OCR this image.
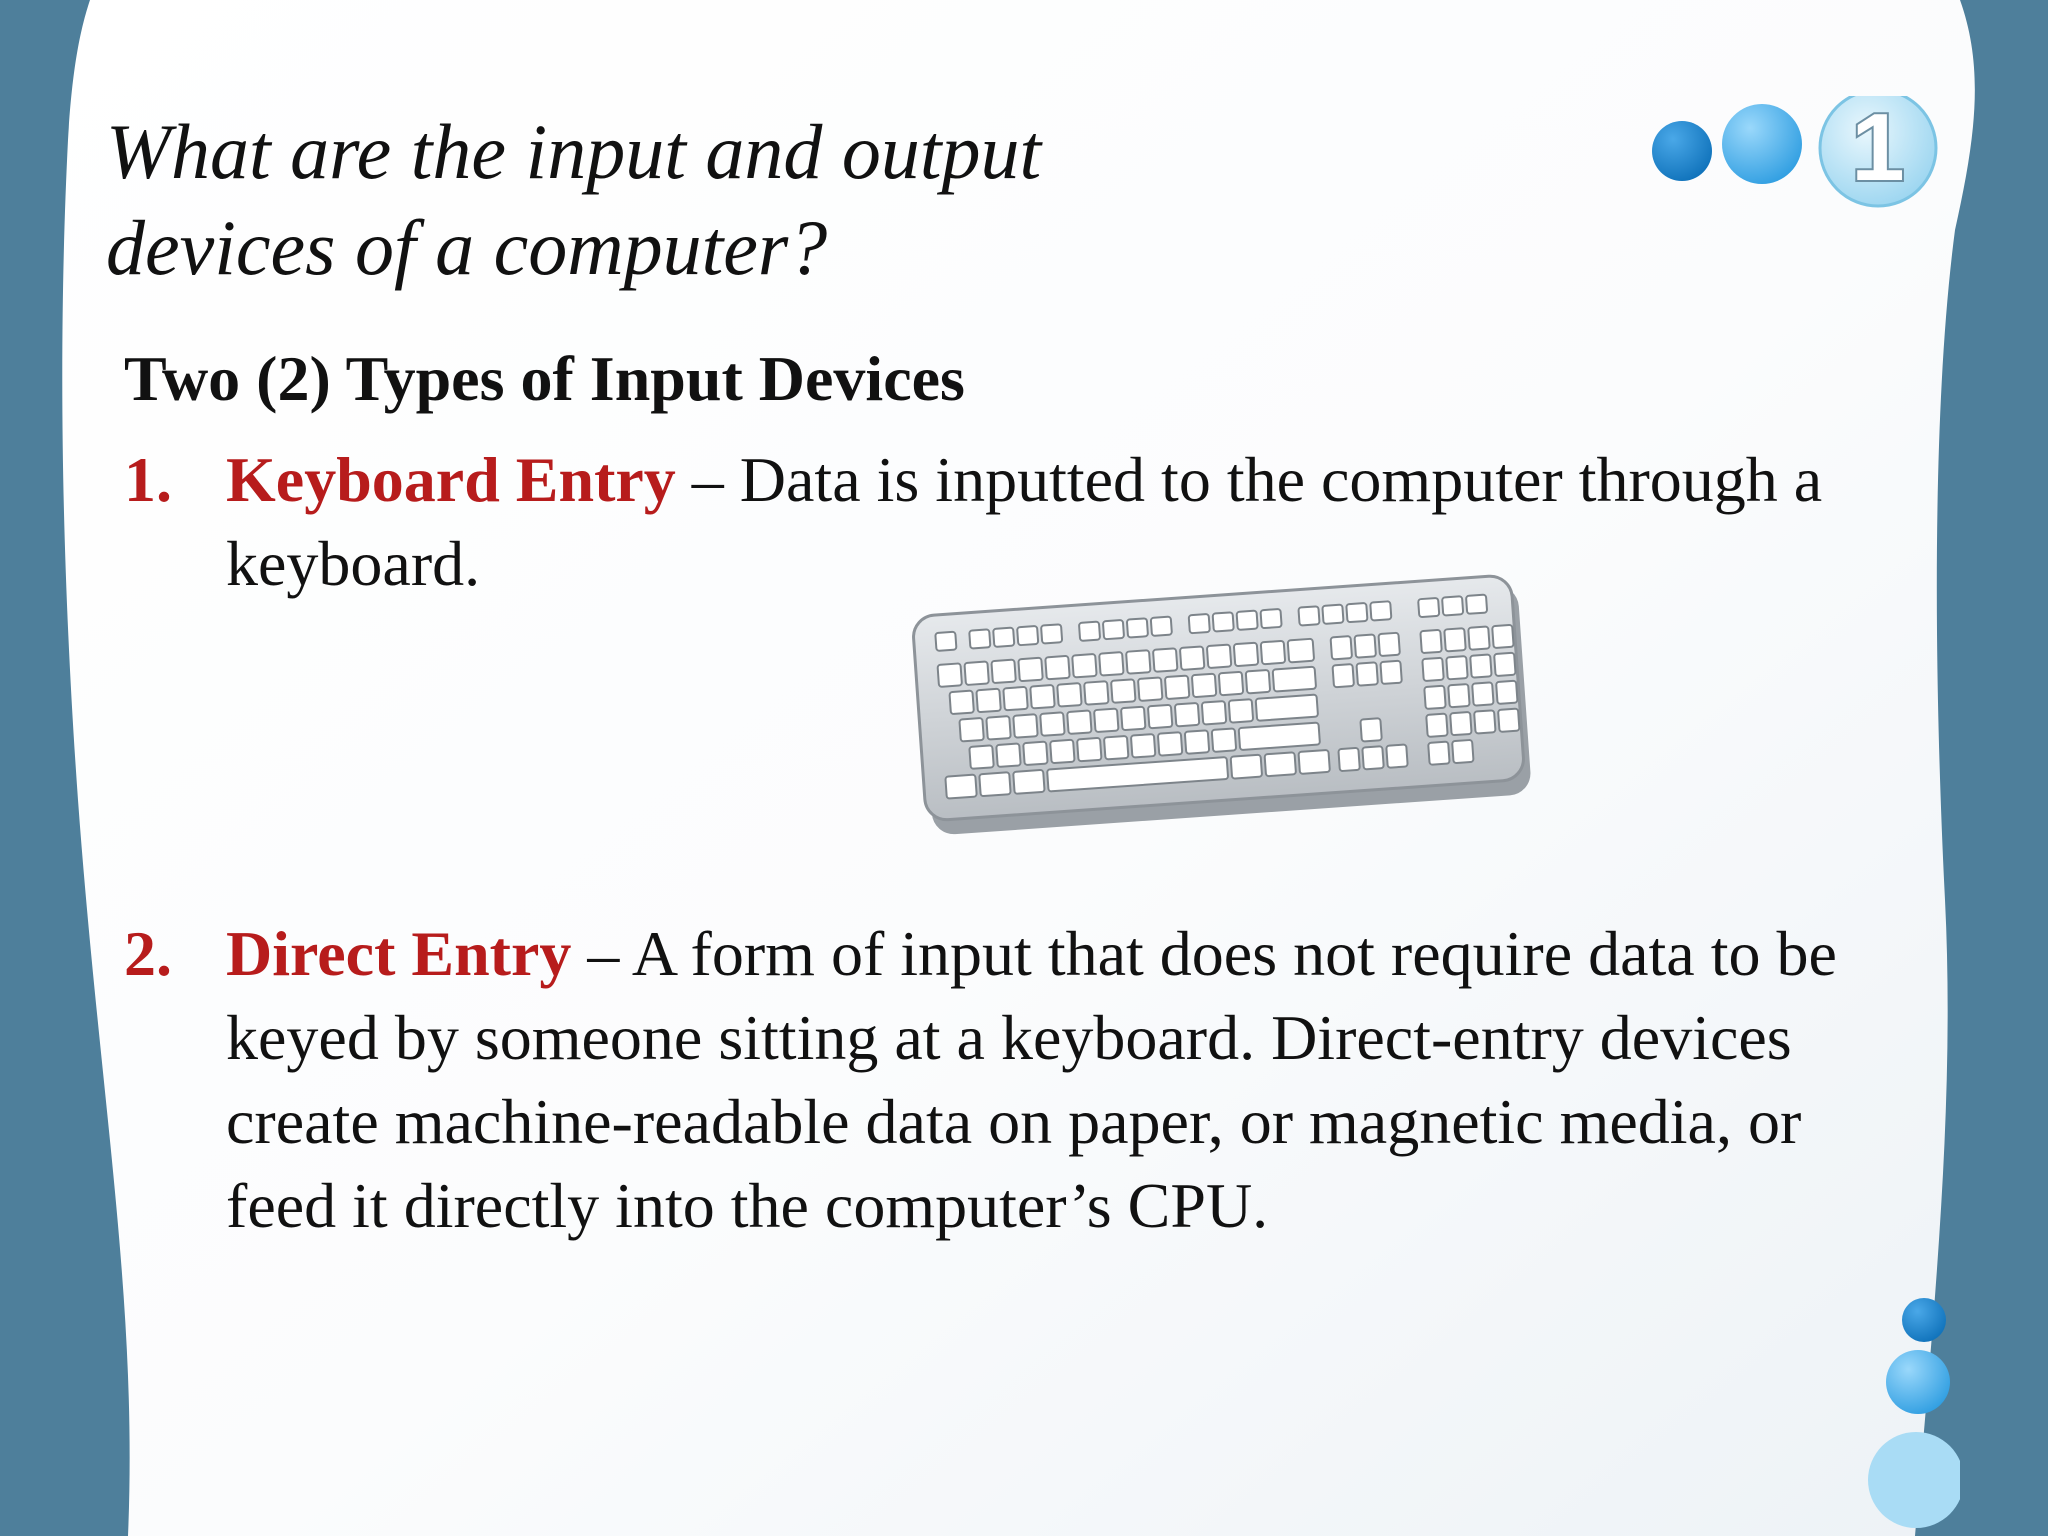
What are the input and output
devices of a computer?
1
Two (2) Types of Input Devices
1. Keyboard Entry – Data is inputted to the computer through a keyboard.
2. Direct Entry – A form of input that does not require data to be keyed by someone sitting at a keyboard. Direct-entry devices create machine-readable data on paper, or magnetic media, or feed it directly into the computer’s CPU.
